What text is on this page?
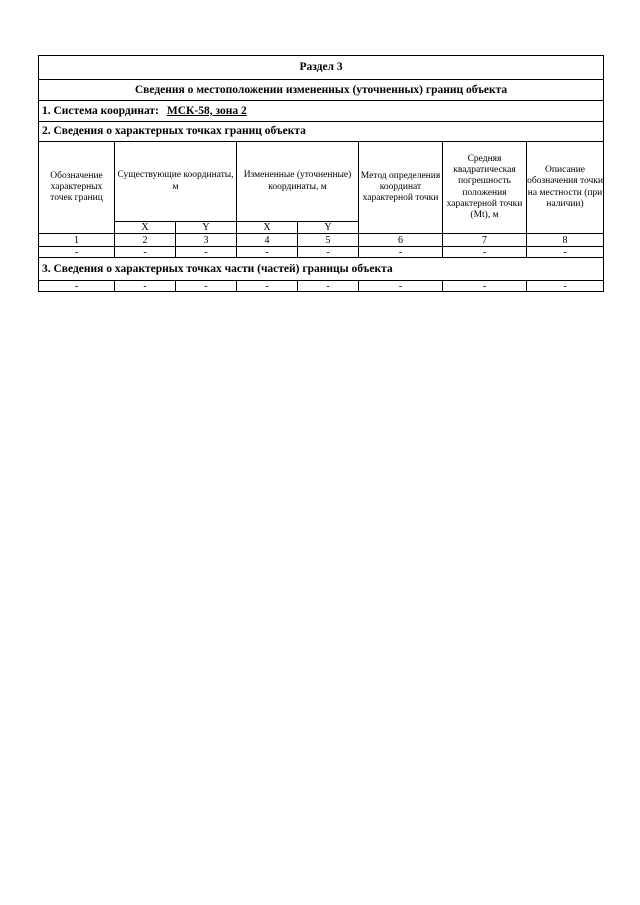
Раздел 3							
Сведения о местоположении измененных (уточненных) границ объекта							
1. Система координат: МСК-58, зона 2							
2. Сведения о характерных точках границ объекта							
Обозначение характерных точек границ	Существующие координаты, м		Измененные (уточненные) координаты, м		Метод определения координат характерной точки	Средняя квадратическая погрешность положения характерной точки (Mt), м	Описание обозначения точки на местности (при наличии)
	X	Y	X	Y			
1	2	3	4	5	6	7	8
-	-	-	-	-	-	-	-
3. Сведения о характерных точках части (частей) границы объекта							
-	-	-	-	-	-	-	-
